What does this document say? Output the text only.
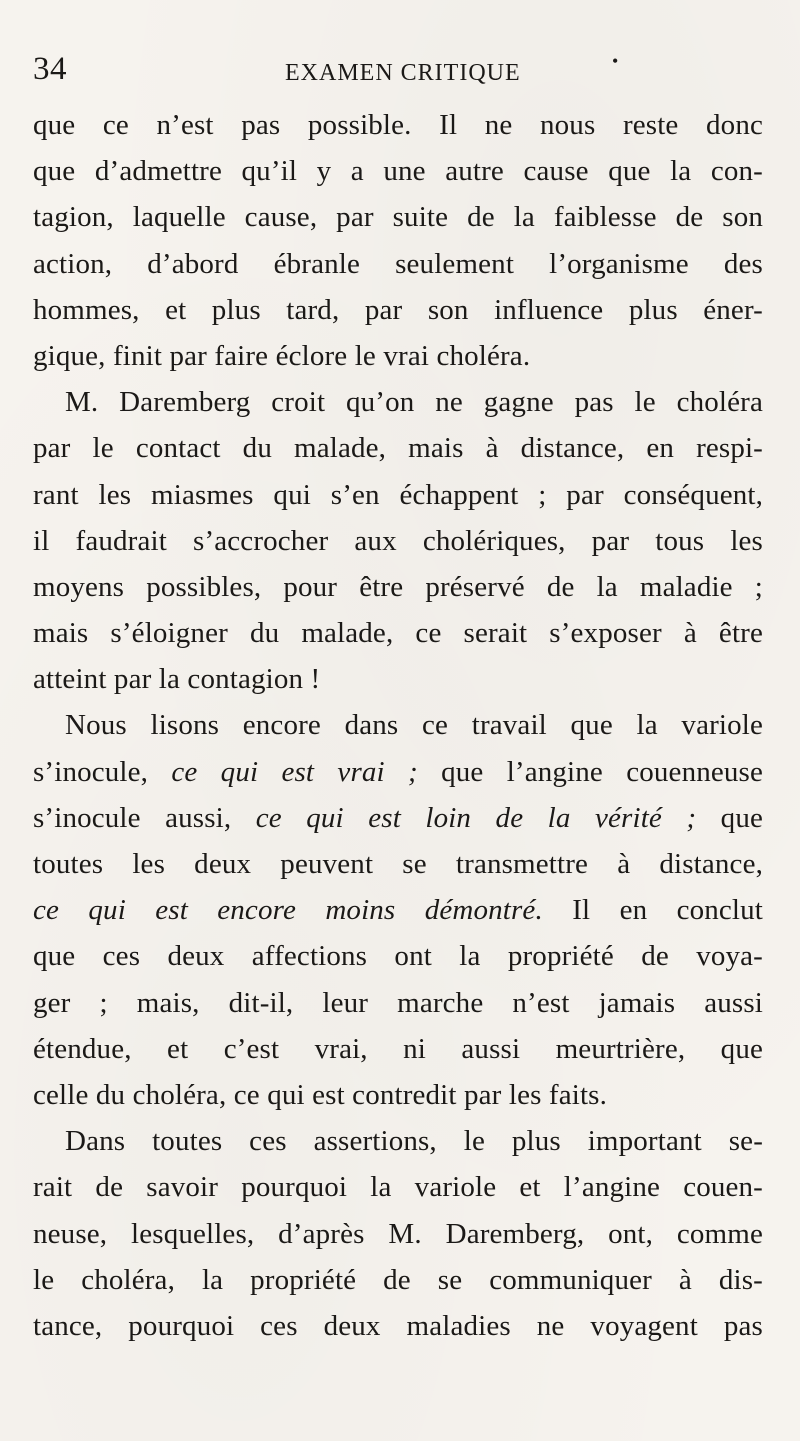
34	EXAMEN CRITIQUE	•
que ce n’est pas possible. Il ne nous reste donc
que d’admettre qu’il y a une autre cause que la con-
tagion, laquelle cause, par suite de la faiblesse de son
action, d’abord ébranle seulement l’organisme des
hommes, et plus tard, par son influence plus éner-
gique, finit par faire éclore le vrai choléra.
M. Daremberg croit qu’on ne gagne pas le choléra
par le contact du malade, mais à distance, en respi-
rant les miasmes qui s’en échappent ; par conséquent,
il faudrait s’accrocher aux cholériques, par tous les
moyens possibles, pour être préservé de la maladie ;
mais s’éloigner du malade, ce serait s’exposer à être
atteint par la contagion !
Nous lisons encore dans ce travail que la variole
s’inocule, ce qui est vrai ; que l’angine couenneuse
s’inocule aussi, ce qui est loin de la vérité ; que
toutes les deux peuvent se transmettre à distance,
ce qui est encore moins démontré. Il en conclut
que ces deux affections ont la propriété de voya-
ger ; mais, dit-il, leur marche n’est jamais aussi
étendue, et c’est vrai, ni aussi meurtrière, que
celle du choléra, ce qui est contredit par les faits.
Dans toutes ces assertions, le plus important se-
rait de savoir pourquoi la variole et l’angine couen-
neuse, lesquelles, d’après M. Daremberg, ont, comme
le choléra, la propriété de se communiquer à dis-
tance, pourquoi ces deux maladies ne voyagent pas
